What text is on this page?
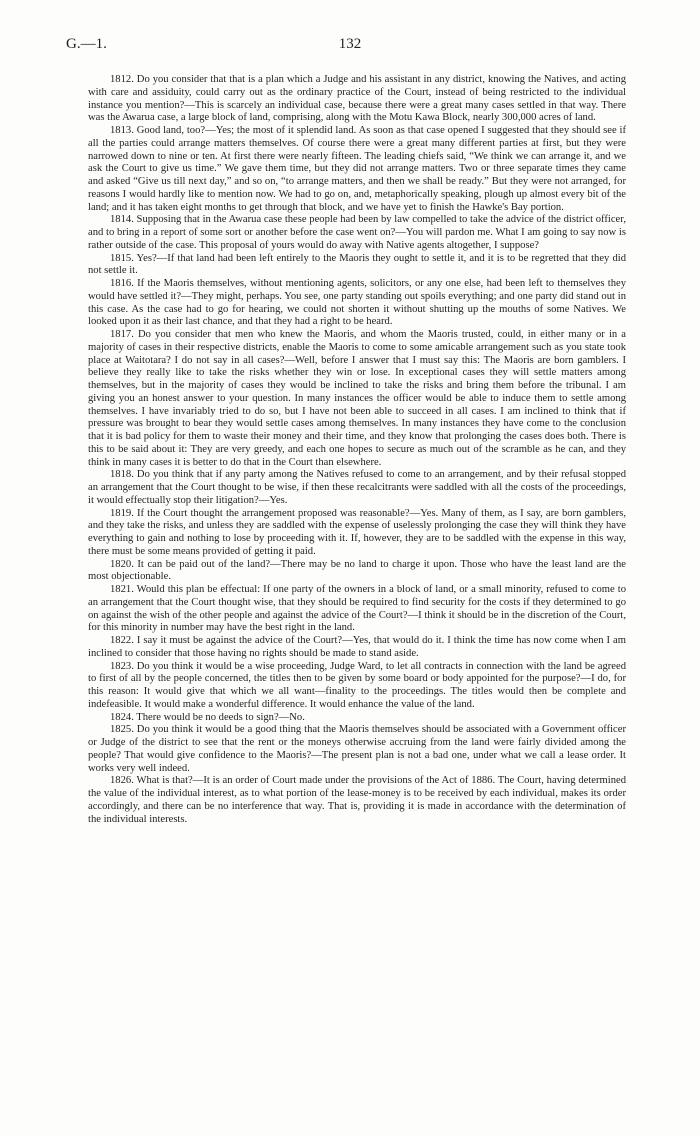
G.—1.	132

1812. Do you consider that that is a plan which a Judge and his assistant in any district, knowing the Natives, and acting with care and assiduity, could carry out as the ordinary practice of the Court, instead of being restricted to the individual instance you mention?—This is scarcely an individual case, because there were a great many cases settled in that way. There was the Awarua case, a large block of land, comprising, along with the Motu Kawa Block, nearly 300,000 acres of land.

1813. Good land, too?—Yes; the most of it splendid land. As soon as that case opened I suggested that they should see if all the parties could arrange matters themselves. Of course there were a great many different parties at first, but they were narrowed down to nine or ten. At first there were nearly fifteen. The leading chiefs said, “We think we can arrange it, and we ask the Court to give us time.” We gave them time, but they did not arrange matters. Two or three separate times they came and asked “Give us till next day,” and so on, “to arrange matters, and then we shall be ready.” But they were not arranged, for reasons I would hardly like to mention now. We had to go on, and, metaphorically speaking, plough up almost every bit of the land; and it has taken eight months to get through that block, and we have yet to finish the Hawke's Bay portion.

1814. Supposing that in the Awarua case these people had been by law compelled to take the advice of the district officer, and to bring in a report of some sort or another before the case went on?—You will pardon me. What I am going to say now is rather outside of the case. This proposal of yours would do away with Native agents altogether, I suppose?

1815. Yes?—If that land had been left entirely to the Maoris they ought to settle it, and it is to be regretted that they did not settle it.

1816. If the Maoris themselves, without mentioning agents, solicitors, or any one else, had been left to themselves they would have settled it?—They might, perhaps. You see, one party standing out spoils everything; and one party did stand out in this case. As the case had to go for hearing, we could not shorten it without shutting up the mouths of some Natives. We looked upon it as their last chance, and that they had a right to be heard.

1817. Do you consider that men who knew the Maoris, and whom the Maoris trusted, could, in either many or in a majority of cases in their respective districts, enable the Maoris to come to some amicable arrangement such as you state took place at Waitotara? I do not say in all cases?—Well, before I answer that I must say this: The Maoris are born gamblers. I believe they really like to take the risks whether they win or lose. In exceptional cases they will settle matters among themselves, but in the majority of cases they would be inclined to take the risks and bring them before the tribunal. I am giving you an honest answer to your question. In many instances the officer would be able to induce them to settle among themselves. I have invariably tried to do so, but I have not been able to succeed in all cases. I am inclined to think that if pressure was brought to bear they would settle cases among themselves. In many instances they have come to the conclusion that it is bad policy for them to waste their money and their time, and they know that prolonging the cases does both. There is this to be said about it: They are very greedy, and each one hopes to secure as much out of the scramble as he can, and they think in many cases it is better to do that in the Court than elsewhere.

1818. Do you think that if any party among the Natives refused to come to an arrangement, and by their refusal stopped an arrangement that the Court thought to be wise, if then these recalcitrants were saddled with all the costs of the proceedings, it would effectually stop their litigation?—Yes.

1819. If the Court thought the arrangement proposed was reasonable?—Yes. Many of them, as I say, are born gamblers, and they take the risks, and unless they are saddled with the expense of uselessly prolonging the case they will think they have everything to gain and nothing to lose by proceeding with it. If, however, they are to be saddled with the expense in this way, there must be some means provided of getting it paid.

1820. It can be paid out of the land?—There may be no land to charge it upon. Those who have the least land are the most objectionable.

1821. Would this plan be effectual: If one party of the owners in a block of land, or a small minority, refused to come to an arrangement that the Court thought wise, that they should be required to find security for the costs if they determined to go on against the wish of the other people and against the advice of the Court?—I think it should be in the discretion of the Court, for this minority in number may have the best right in the land.

1822. I say it must be against the advice of the Court?—Yes, that would do it. I think the time has now come when I am inclined to consider that those having no rights should be made to stand aside.

1823. Do you think it would be a wise proceeding, Judge Ward, to let all contracts in connection with the land be agreed to first of all by the people concerned, the titles then to be given by some board or body appointed for the purpose?—I do, for this reason: It would give that which we all want—finality to the proceedings. The titles would then be complete and indefeasible. It would make a wonderful difference. It would enhance the value of the land.

1824. There would be no deeds to sign?—No.

1825. Do you think it would be a good thing that the Maoris themselves should be associated with a Government officer or Judge of the district to see that the rent or the moneys otherwise accruing from the land were fairly divided among the people? That would give confidence to the Maoris?—The present plan is not a bad one, under what we call a lease order. It works very well indeed.

1826. What is that?—It is an order of Court made under the provisions of the Act of 1886. The Court, having determined the value of the individual interest, as to what portion of the lease-money is to be received by each individual, makes its order accordingly, and there can be no interference that way. That is, providing it is made in accordance with the determination of the individual interests.
